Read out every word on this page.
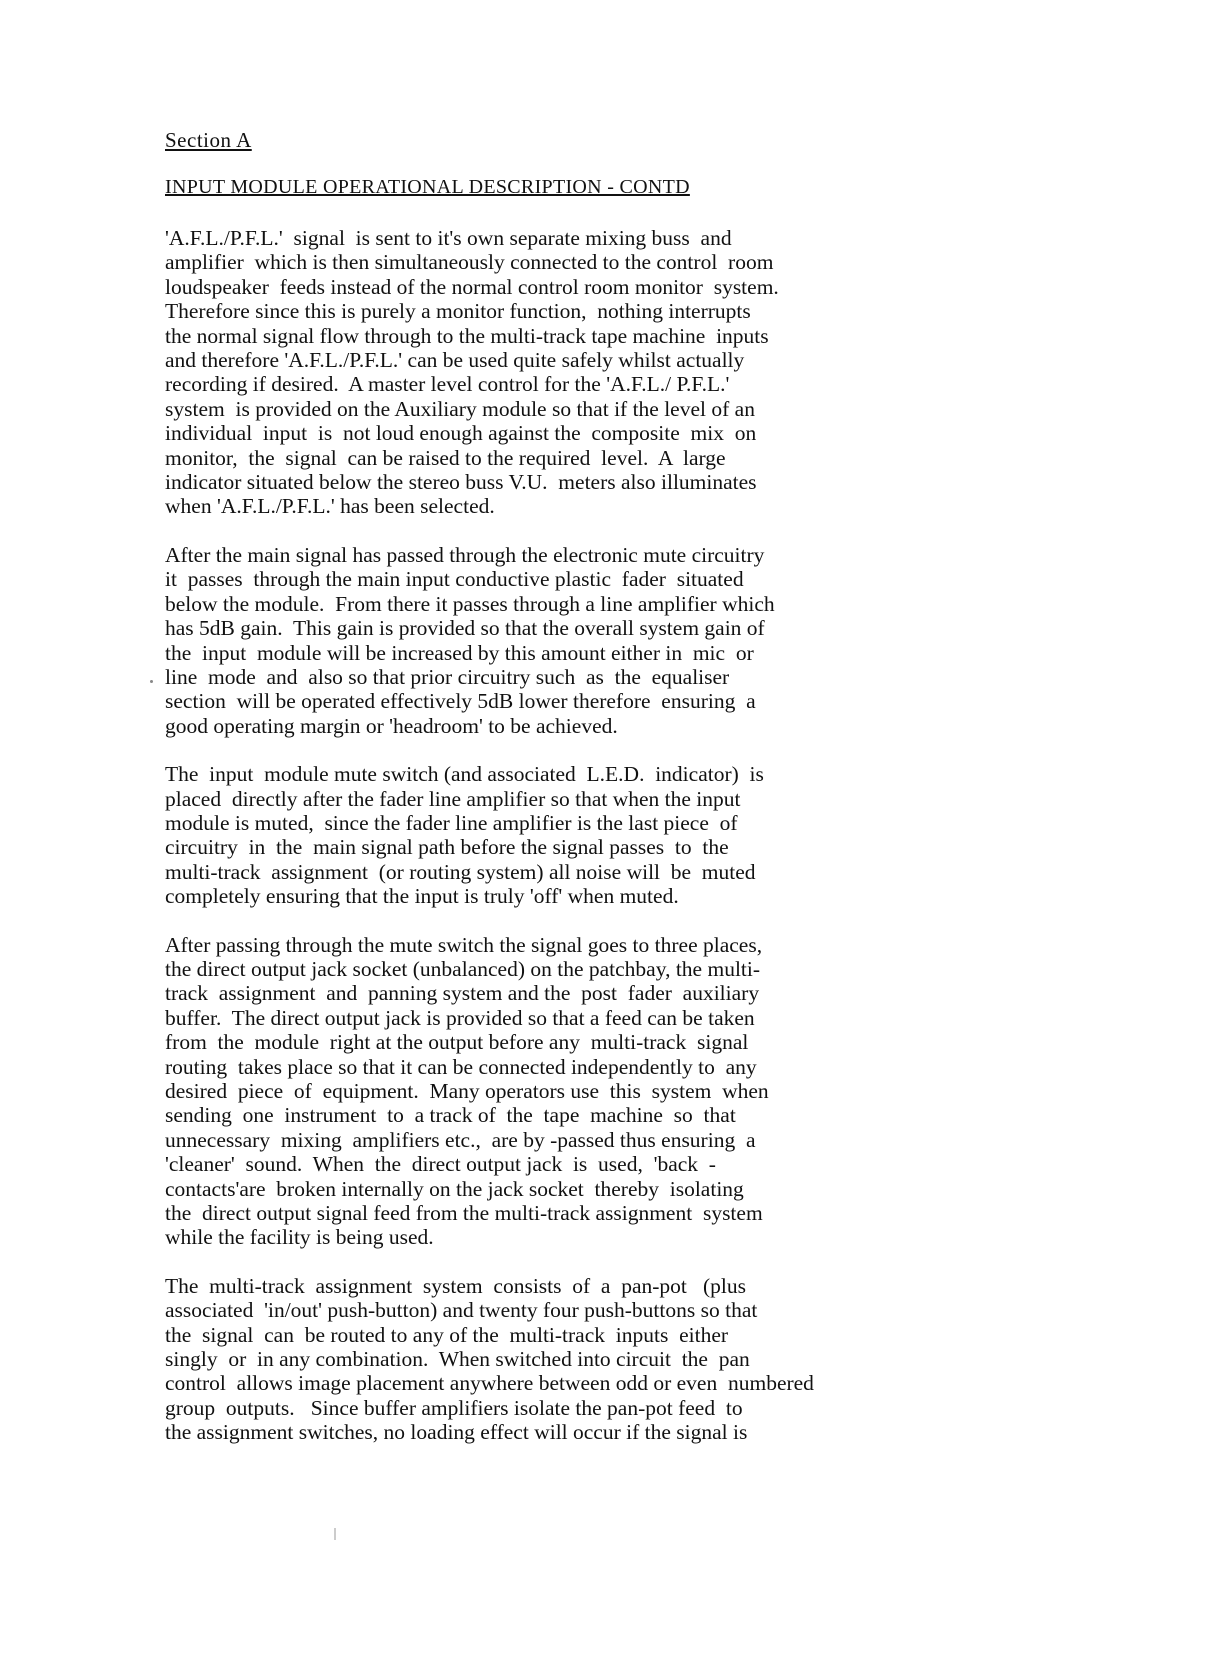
Section A
INPUT MODULE OPERATIONAL DESCRIPTION - CONTD
'A.F.L./P.F.L.'  signal  is sent to it's own separate mixing buss  and
amplifier  which is then simultaneously connected to the control  room
loudspeaker  feeds instead of the normal control room monitor  system.
Therefore since this is purely a monitor function,  nothing interrupts
the normal signal flow through to the multi-track tape machine  inputs
and therefore 'A.F.L./P.F.L.' can be used quite safely whilst actually
recording if desired.  A master level control for the 'A.F.L./ P.F.L.'
system  is provided on the Auxiliary module so that if the level of an
individual  input  is  not loud enough against the  composite  mix  on
monitor,  the  signal  can be raised to the required  level.  A  large
indicator situated below the stereo buss V.U.  meters also illuminates
when 'A.F.L./P.F.L.' has been selected.
After the main signal has passed through the electronic mute circuitry
it  passes  through the main input conductive plastic  fader  situated
below the module.  From there it passes through a line amplifier which
has 5dB gain.  This gain is provided so that the overall system gain of
the  input  module will be increased by this amount either in  mic  or
line  mode  and  also so that prior circuitry such  as  the  equaliser
section  will be operated effectively 5dB lower therefore  ensuring  a
good operating margin or 'headroom' to be achieved.
The  input  module mute switch (and associated  L.E.D.  indicator)  is
placed  directly after the fader line amplifier so that when the input
module is muted,  since the fader line amplifier is the last piece  of
circuitry  in  the  main signal path before the signal passes  to  the
multi-track  assignment  (or routing system) all noise will  be  muted
completely ensuring that the input is truly 'off' when muted.
After passing through the mute switch the signal goes to three places,
the direct output jack socket (unbalanced) on the patchbay, the multi-
track  assignment  and  panning system and the  post  fader  auxiliary
buffer.  The direct output jack is provided so that a feed can be taken
from  the  module  right at the output before any  multi-track  signal
routing  takes place so that it can be connected independently to  any
desired  piece  of  equipment.  Many operators use  this  system  when
sending  one  instrument  to  a track of  the  tape  machine  so  that
unnecessary  mixing  amplifiers etc.,  are by -passed thus ensuring  a
'cleaner'  sound.  When  the  direct output jack  is  used,  'back  -
contacts'are  broken internally on the jack socket  thereby  isolating
the  direct output signal feed from the multi-track assignment  system
while the facility is being used.
The  multi-track  assignment  system  consists  of  a  pan-pot   (plus
associated  'in/out' push-button) and twenty four push-buttons so that
the  signal  can  be routed to any of the  multi-track  inputs  either
singly  or  in any combination.  When switched into circuit  the  pan
control  allows image placement anywhere between odd or even  numbered
group  outputs.   Since buffer amplifiers isolate the pan-pot feed  to
the assignment switches, no loading effect will occur if the signal is
